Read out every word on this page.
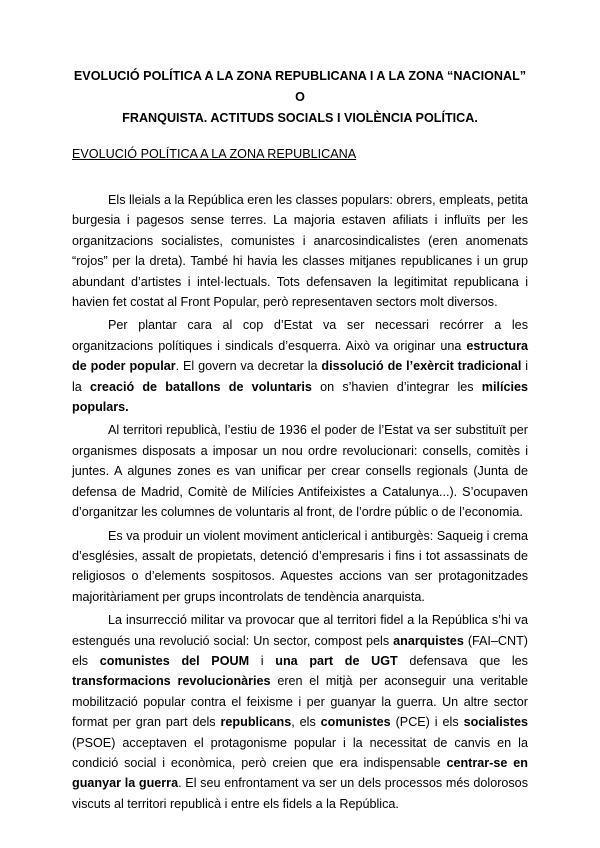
EVOLUCIÓ POLÍTICA A LA ZONA REPUBLICANA I A LA ZONA “NACIONAL” O
FRANQUISTA. ACTITUDS SOCIALS I VIOLÈNCIA POLÍTICA.
EVOLUCIÓ POLÍTICA A LA ZONA REPUBLICANA

Els lleials a la República eren les classes populars: obrers, empleats, petita burgesia i pagesos sense terres. La majoria estaven afiliats i influïts per les organitzacions socialistes, comunistes i anarcosindicalistes (eren anomenats “rojos” per la dreta). També hi havia les classes mitjanes republicanes i un grup abundant d’artistes i intel·lectuals. Tots defensaven la legitimitat republicana i havien fet costat al Front Popular, però representaven sectors molt diversos.

Per plantar cara al cop d’Estat va ser necessari recórrer a les organitzacions polítiques i sindicals d’esquerra. Això va originar una estructura de poder popular. El govern va decretar la dissolució de l’exèrcit tradicional i la creació de batallons de voluntaris on s’havien d’integrar les milícies populars.

Al territori republicà, l’estiu de 1936 el poder de l’Estat va ser substituït per organismes disposats a imposar un nou ordre revolucionari: consells, comitès i juntes. A algunes zones es van unificar per crear consells regionals (Junta de defensa de Madrid, Comitè de Milícies Antifeixistes a Catalunya...). S’ocupaven d’organitzar les columnes de voluntaris al front, de l’ordre públic o de l’economia.

Es va produir un violent moviment anticlerical i antiburgès: Saqueig i crema d’esglésies, assalt de propietats, detenció d’empresaris i fins i tot assassinats de religiosos o d’elements sospitosos. Aquestes accions van ser protagonitzades majoritàriament per grups incontrolats de tendència anarquista.

La insurrecció militar va provocar que al territori fidel a la República s’hi va estengués una revolució social: Un sector, compost pels anarquistes (FAI–CNT) els comunistes del POUM i una part de UGT defensava que les transformacions revolucionàries eren el mitjà per aconseguir una veritable mobilització popular contra el feixisme i per guanyar la guerra. Un altre sector format per gran part dels republicans, els comunistes (PCE) i els socialistes (PSOE) acceptaven el protagonisme popular i la necessitat de canvis en la condició social i econòmica, però creien que era indispensable centrar-se en guanyar la guerra. El seu enfrontament va ser un dels processos més dolorosos viscuts al territori republicà i entre els fidels a la República.
